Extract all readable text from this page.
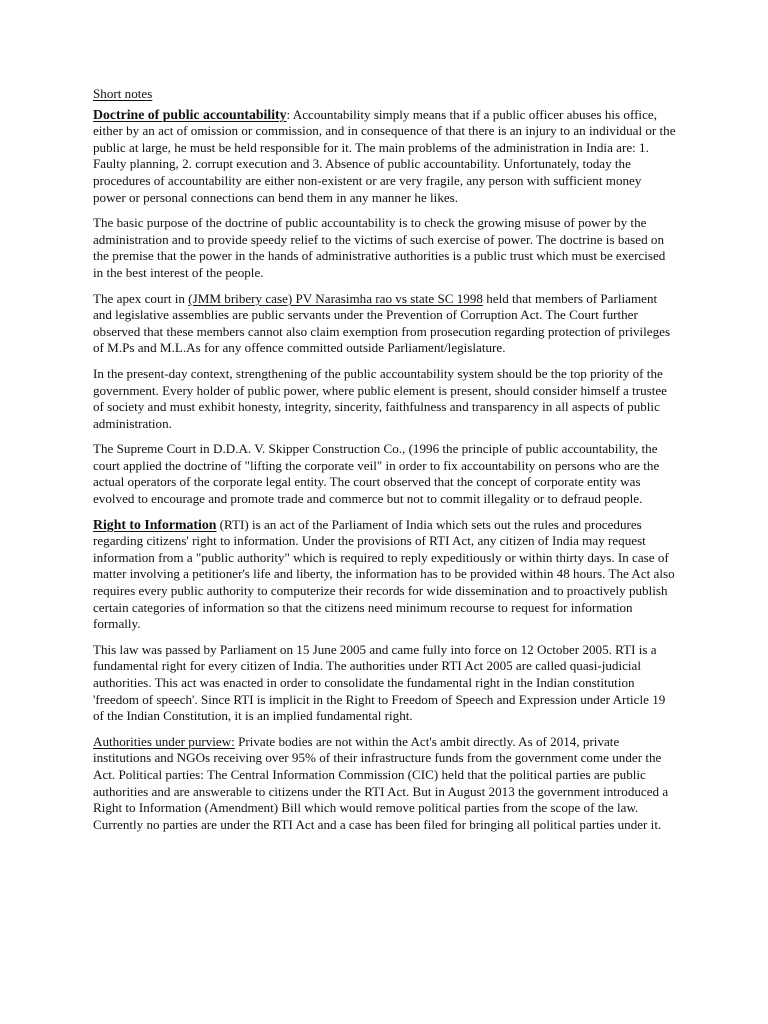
Short notes

Doctrine of public accountability: Accountability simply means that if a public officer abuses his office, either by an act of omission or commission, and in consequence of that there is an injury to an individual or the public at large, he must be held responsible for it. The main problems of the administration in India are: 1. Faulty planning, 2. corrupt execution and 3. Absence of public accountability. Unfortunately, today the procedures of accountability are either non-existent or are very fragile, any person with sufficient money power or personal connections can bend them in any manner he likes.

The basic purpose of the doctrine of public accountability is to check the growing misuse of power by the administration and to provide speedy relief to the victims of such exercise of power. The doctrine is based on the premise that the power in the hands of administrative authorities is a public trust which must be exercised in the best interest of the people.

The apex court in (JMM bribery case) PV Narasimha rao vs state SC 1998 held that members of Parliament and legislative assemblies are public servants under the Prevention of Corruption Act. The Court further observed that these members cannot also claim exemption from prosecution regarding protection of privileges of M.Ps and M.L.As for any offence committed outside Parliament/legislature.

In the present-day context, strengthening of the public accountability system should be the top priority of the government. Every holder of public power, where public element is present, should consider himself a trustee of society and must exhibit honesty, integrity, sincerity, faithfulness and transparency in all aspects of public administration.

The Supreme Court in D.D.A. V. Skipper Construction Co., (1996 the principle of public accountability, the court applied the doctrine of "lifting the corporate veil" in order to fix accountability on persons who are the actual operators of the corporate legal entity. The court observed that the concept of corporate entity was evolved to encourage and promote trade and commerce but not to commit illegality or to defraud people.

Right to Information (RTI) is an act of the Parliament of India which sets out the rules and procedures regarding citizens' right to information. Under the provisions of RTI Act, any citizen of India may request information from a "public authority" which is required to reply expeditiously or within thirty days. In case of matter involving a petitioner's life and liberty, the information has to be provided within 48 hours. The Act also requires every public authority to computerize their records for wide dissemination and to proactively publish certain categories of information so that the citizens need minimum recourse to request for information formally.

This law was passed by Parliament on 15 June 2005 and came fully into force on 12 October 2005. RTI is a fundamental right for every citizen of India. The authorities under RTI Act 2005 are called quasi-judicial authorities. This act was enacted in order to consolidate the fundamental right in the Indian constitution 'freedom of speech'. Since RTI is implicit in the Right to Freedom of Speech and Expression under Article 19 of the Indian Constitution, it is an implied fundamental right.

Authorities under purview: Private bodies are not within the Act's ambit directly. As of 2014, private institutions and NGOs receiving over 95% of their infrastructure funds from the government come under the Act. Political parties: The Central Information Commission (CIC) held that the political parties are public authorities and are answerable to citizens under the RTI Act. But in August 2013 the government introduced a Right to Information (Amendment) Bill which would remove political parties from the scope of the law. Currently no parties are under the RTI Act and a case has been filed for bringing all political parties under it.
